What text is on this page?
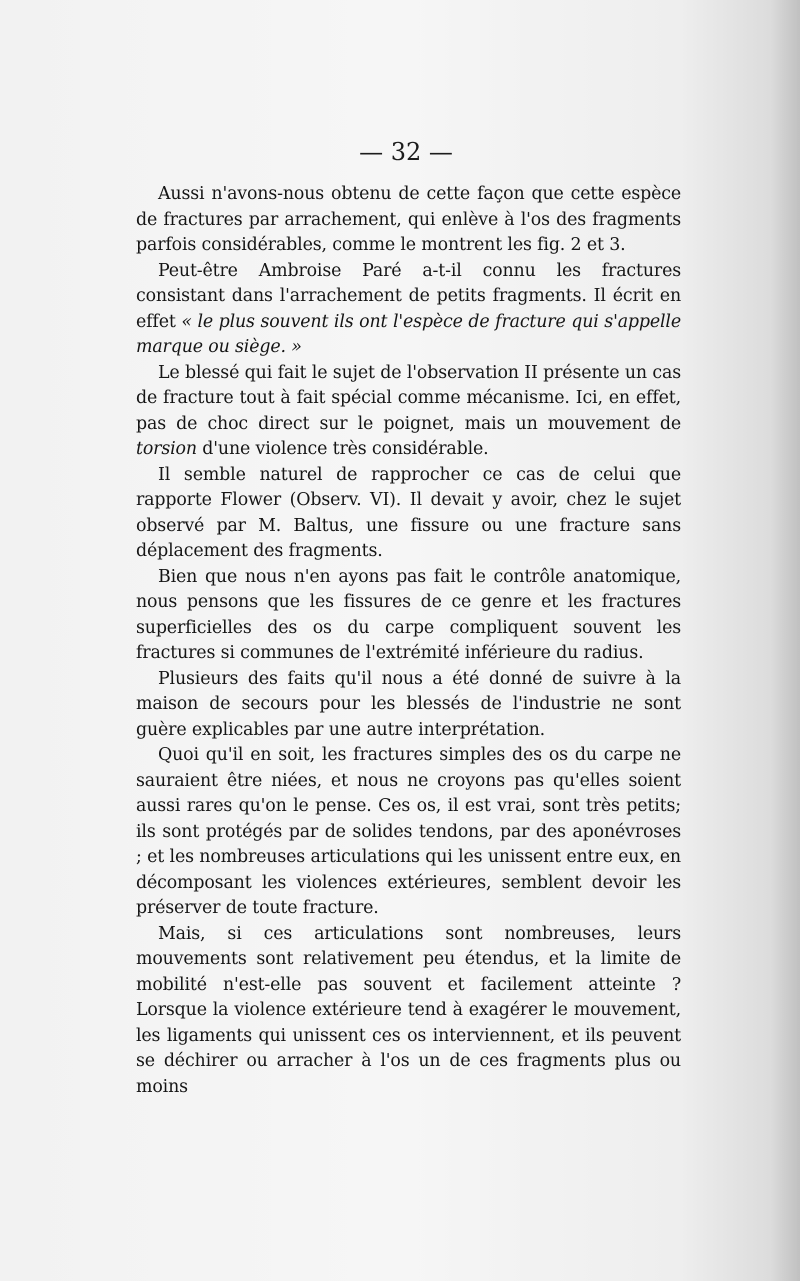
— 32 —

Aussi n'avons-nous obtenu de cette façon que cette espèce de fractures par arrachement, qui enlève à l'os des fragments parfois considérables, comme le montrent les fig. 2 et 3.

Peut-être Ambroise Paré a-t-il connu les fractures consistant dans l'arrachement de petits fragments. Il écrit en effet « le plus souvent ils ont l'espèce de fracture qui s'appelle marque ou siège. »

Le blessé qui fait le sujet de l'observation II présente un cas de fracture tout à fait spécial comme mécanisme. Ici, en effet, pas de choc direct sur le poignet, mais un mouvement de torsion d'une violence très considérable.

Il semble naturel de rapprocher ce cas de celui que rapporte Flower (Observ. VI). Il devait y avoir, chez le sujet observé par M. Baltus, une fissure ou une fracture sans déplacement des fragments.

Bien que nous n'en ayons pas fait le contrôle anatomique, nous pensons que les fissures de ce genre et les fractures superficielles des os du carpe compliquent souvent les fractures si communes de l'extrémité inférieure du radius.

Plusieurs des faits qu'il nous a été donné de suivre à la maison de secours pour les blessés de l'industrie ne sont guère explicables par une autre interprétation.

Quoi qu'il en soit, les fractures simples des os du carpe ne sauraient être niées, et nous ne croyons pas qu'elles soient aussi rares qu'on le pense. Ces os, il est vrai, sont très petits; ils sont protégés par de solides tendons, par des aponévroses ; et les nombreuses articulations qui les unissent entre eux, en décomposant les violences extérieures, semblent devoir les préserver de toute fracture.

Mais, si ces articulations sont nombreuses, leurs mouvements sont relativement peu étendus, et la limite de mobilité n'est-elle pas souvent et facilement atteinte ? Lorsque la violence extérieure tend à exagérer le mouvement, les ligaments qui unissent ces os interviennent, et ils peuvent se déchirer ou arracher à l'os un de ces fragments plus ou moins
